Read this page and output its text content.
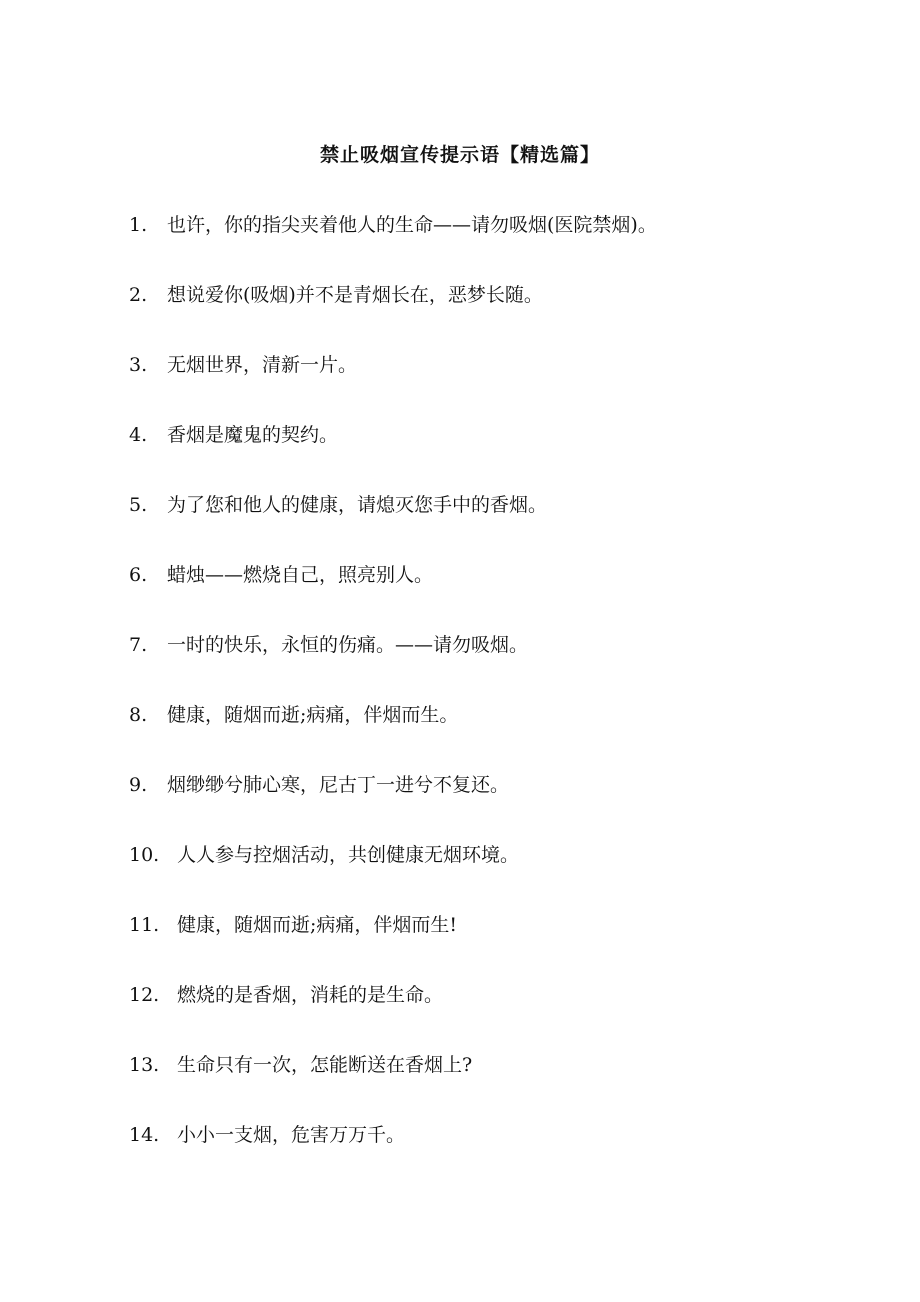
禁止吸烟宣传提示语【精选篇】
1.	也许，你的指尖夹着他人的生命——请勿吸烟(医院禁烟)。
2.	想说爱你(吸烟)并不是青烟长在，恶梦长随。
3.	无烟世界，清新一片。
4.	香烟是魔鬼的契约。
5.	为了您和他人的健康，请熄灭您手中的香烟。
6.	蜡烛——燃烧自己，照亮别人。
7.	一时的快乐，永恒的伤痛。——请勿吸烟。
8.	健康，随烟而逝;病痛，伴烟而生。
9.	烟缈缈兮肺心寒，尼古丁一进兮不复还。
10. 人人参与控烟活动，共创健康无烟环境。
11. 健康，随烟而逝;病痛，伴烟而生!
12. 燃烧的是香烟，消耗的是生命。
13. 生命只有一次，怎能断送在香烟上?
14. 小小一支烟，危害万万千。
